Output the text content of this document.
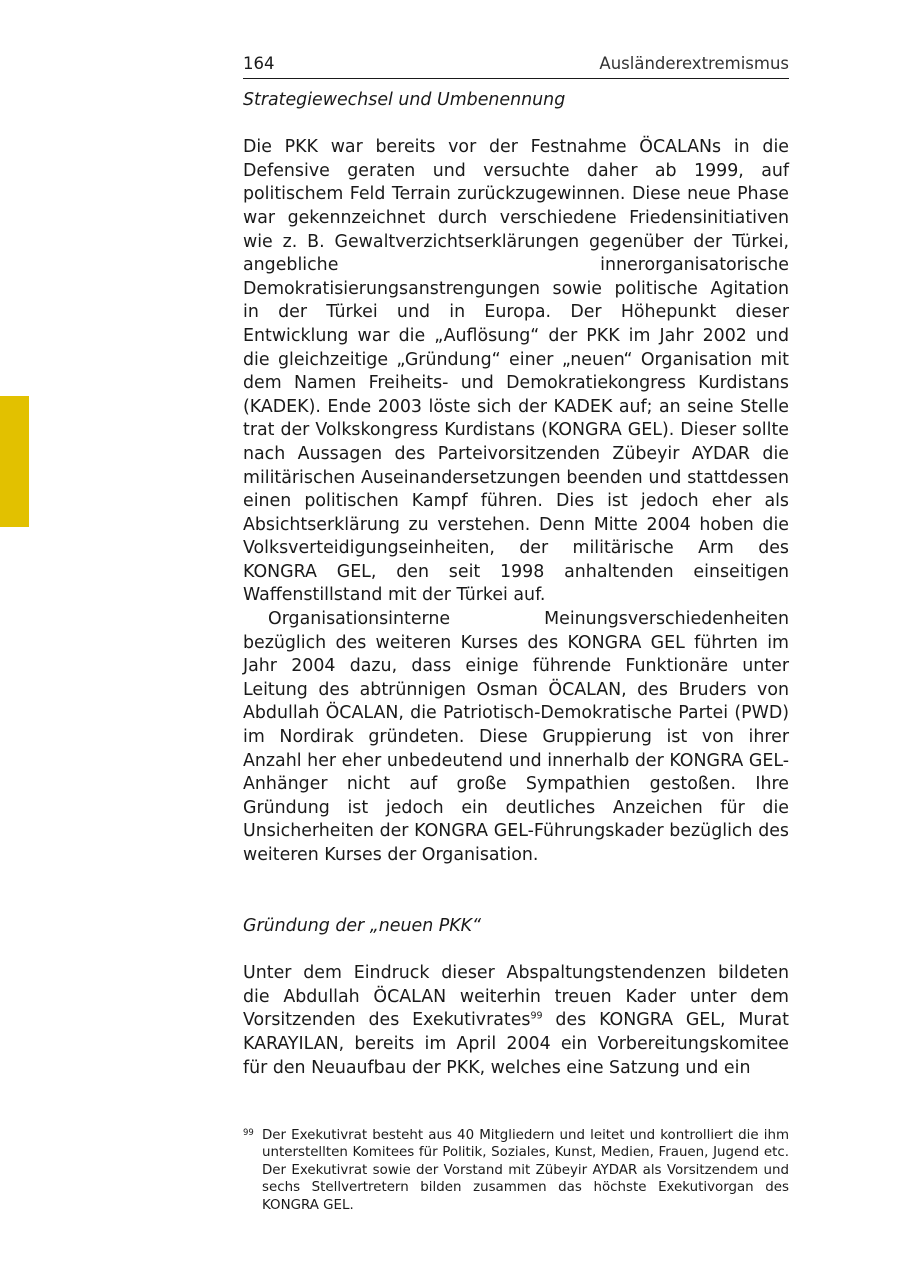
164	Ausländerextremismus

Strategiewechsel und Umbenennung

Die PKK war bereits vor der Festnahme ÖCALANs in die Defensive geraten und versuchte daher ab 1999, auf politischem Feld Terrain zurückzugewinnen. Diese neue Phase war gekennzeichnet durch verschiedene Friedensinitiativen wie z. B. Gewaltverzichtserklärungen gegenüber der Türkei, angebliche innerorganisatorische Demokratisierungsanstrengungen sowie politische Agitation in der Türkei und in Europa. Der Höhepunkt dieser Entwicklung war die „Auflösung“ der PKK im Jahr 2002 und die gleichzeitige „Gründung“ einer „neuen“ Organisation mit dem Namen Freiheits- und Demokratiekongress Kurdistans (KADEK). Ende 2003 löste sich der KADEK auf; an seine Stelle trat der Volkskongress Kurdistans (KONGRA GEL). Dieser sollte nach Aussagen des Parteivorsitzenden Zübeyir AYDAR die militärischen Auseinandersetzungen beenden und stattdessen einen politischen Kampf führen. Dies ist jedoch eher als Absichtserklärung zu verstehen. Denn Mitte 2004 hoben die Volksverteidigungseinheiten, der militärische Arm des KONGRA GEL, den seit 1998 anhaltenden einseitigen Waffenstillstand mit der Türkei auf.

Organisationsinterne Meinungsverschiedenheiten bezüglich des weiteren Kurses des KONGRA GEL führten im Jahr 2004 dazu, dass einige führende Funktionäre unter Leitung des abtrünnigen Osman ÖCALAN, des Bruders von Abdullah ÖCALAN, die Patriotisch-Demokratische Partei (PWD) im Nordirak gründeten. Diese Gruppierung ist von ihrer Anzahl her eher unbedeutend und innerhalb der KONGRA GEL-Anhänger nicht auf große Sympathien gestoßen. Ihre Gründung ist jedoch ein deutliches Anzeichen für die Unsicherheiten der KONGRA GEL-Führungskader bezüglich des weiteren Kurses der Organisation.

Gründung der „neuen PKK“

Unter dem Eindruck dieser Abspaltungstendenzen bildeten die Abdullah ÖCALAN weiterhin treuen Kader unter dem Vorsitzenden des Exekutivrates$^{99}$ des KONGRA GEL, Murat KARAYILAN, bereits im April 2004 ein Vorbereitungskomitee für den Neuaufbau der PKK, welches eine Satzung und ein

99 Der Exekutivrat besteht aus 40 Mitgliedern und leitet und kontrolliert die ihm unterstellten Komitees für Politik, Soziales, Kunst, Medien, Frauen, Jugend etc. Der Exekutivrat sowie der Vorstand mit Zübeyir AYDAR als Vorsitzendem und sechs Stellvertretern bilden zusammen das höchste Exekutivorgan des KONGRA GEL.
